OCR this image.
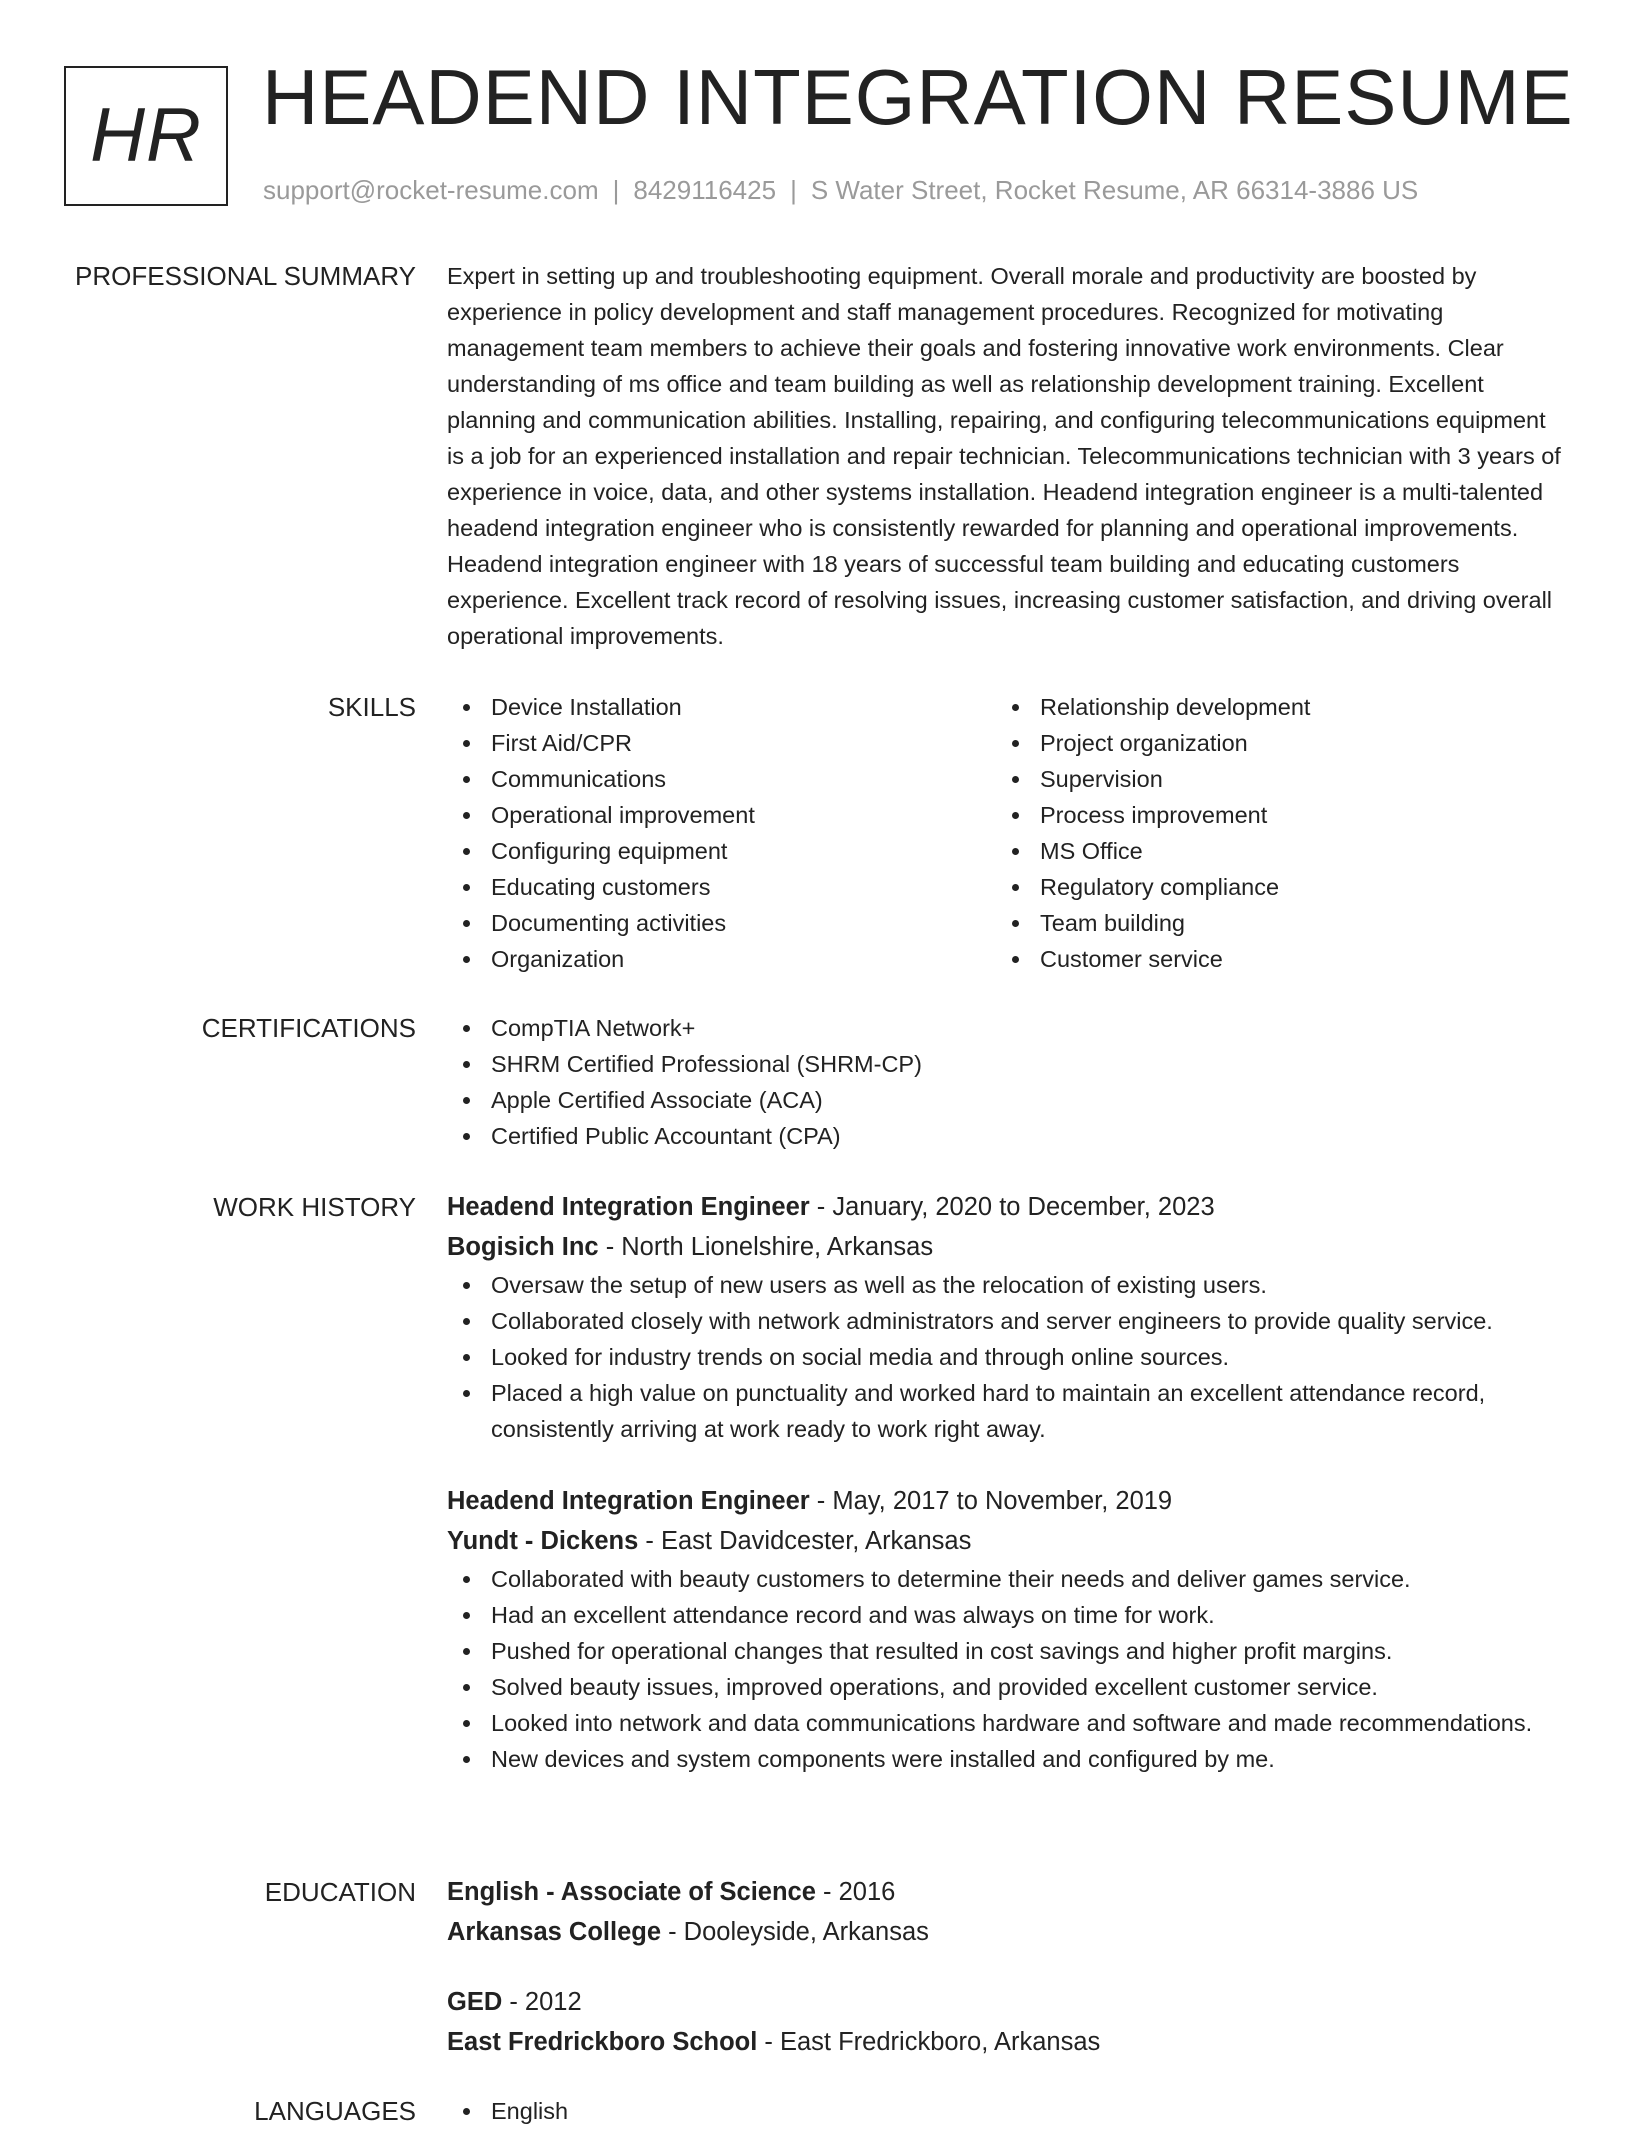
HR HEADEND INTEGRATION RESUME
support@rocket-resume.com | 8429116425 | S Water Street, Rocket Resume, AR 66314-3886 US
PROFESSIONAL SUMMARY Expert in setting up and troubleshooting equipment. Overall morale and productivity are boosted by experience in policy development and staff management procedures. Recognized for motivating management team members to achieve their goals and fostering innovative work environments. Clear understanding of ms office and team building as well as relationship development training. Excellent planning and communication abilities. Installing, repairing, and configuring telecommunications equipment is a job for an experienced installation and repair technician. Telecommunications technician with 3 years of experience in voice, data, and other systems installation. Headend integration engineer is a multi-talented headend integration engineer who is consistently rewarded for planning and operational improvements. Headend integration engineer with 18 years of successful team building and educating customers experience. Excellent track record of resolving issues, increasing customer satisfaction, and driving overall operational improvements.

SKILLS	Device Installation
First Aid/CPR
Communications
Operational improvement
Configuring equipment
Educating customers
Documenting activities
Organization
Relationship development
Project organization
Supervision
Process improvement
MS Office
Regulatory compliance
Team building
Customer service
CERTIFICATIONS	CompTIA Network+
SHRM Certified Professional (SHRM-CP)
Apple Certified Associate (ACA)
Certified Public Accountant (CPA)
WORK HISTORY Headend Integration Engineer - January, 2020 to December, 2023
Bogisich Inc - North Lionelshire, Arkansas
Oversaw the setup of new users as well as the relocation of existing users.
Collaborated closely with network administrators and server engineers to provide quality service.
Looked for industry trends on social media and through online sources.
Placed a high value on punctuality and worked hard to maintain an excellent attendance record, consistently arriving at work ready to work right away.
Headend Integration Engineer - May, 2017 to November, 2019
Yundt - Dickens - East Davidcester, Arkansas
Collaborated with beauty customers to determine their needs and deliver games service.
Had an excellent attendance record and was always on time for work.
Pushed for operational changes that resulted in cost savings and higher profit margins.
Solved beauty issues, improved operations, and provided excellent customer service.
Looked into network and data communications hardware and software and made recommendations.
New devices and system components were installed and configured by me.
EDUCATION English - Associate of Science - 2016
Arkansas College - Dooleyside, Arkansas
GED - 2012
East Fredrickboro School - East Fredrickboro, Arkansas
LANGUAGES	English
